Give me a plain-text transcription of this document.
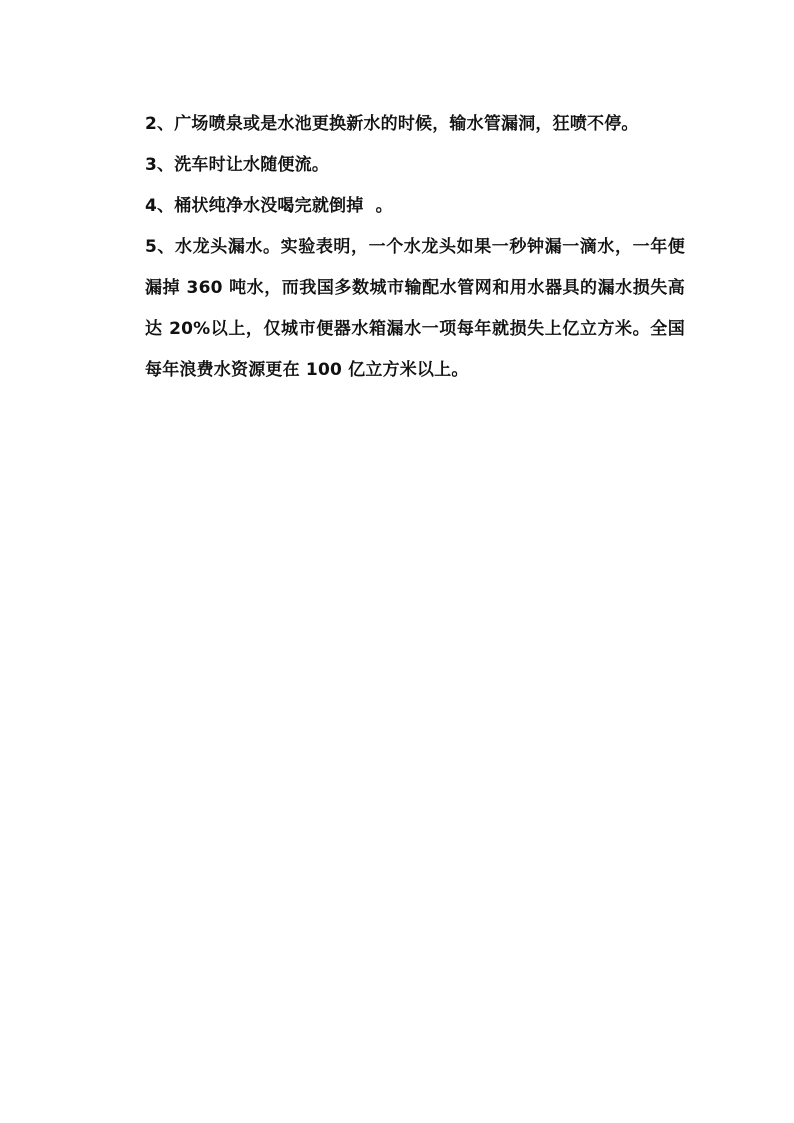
2、广场喷泉或是水池更换新水的时候，输水管漏洞，狂喷不停。

3、洗车时让水随便流。

4、桶状纯净水没喝完就倒掉  。

5、水龙头漏水。实验表明，一个水龙头如果一秒钟漏一滴水，一年便漏掉 360 吨水，而我国多数城市输配水管网和用水器具的漏水损失高达 20%以上，仅城市便器水箱漏水一项每年就损失上亿立方米。全国每年浪费水资源更在 100 亿立方米以上。
